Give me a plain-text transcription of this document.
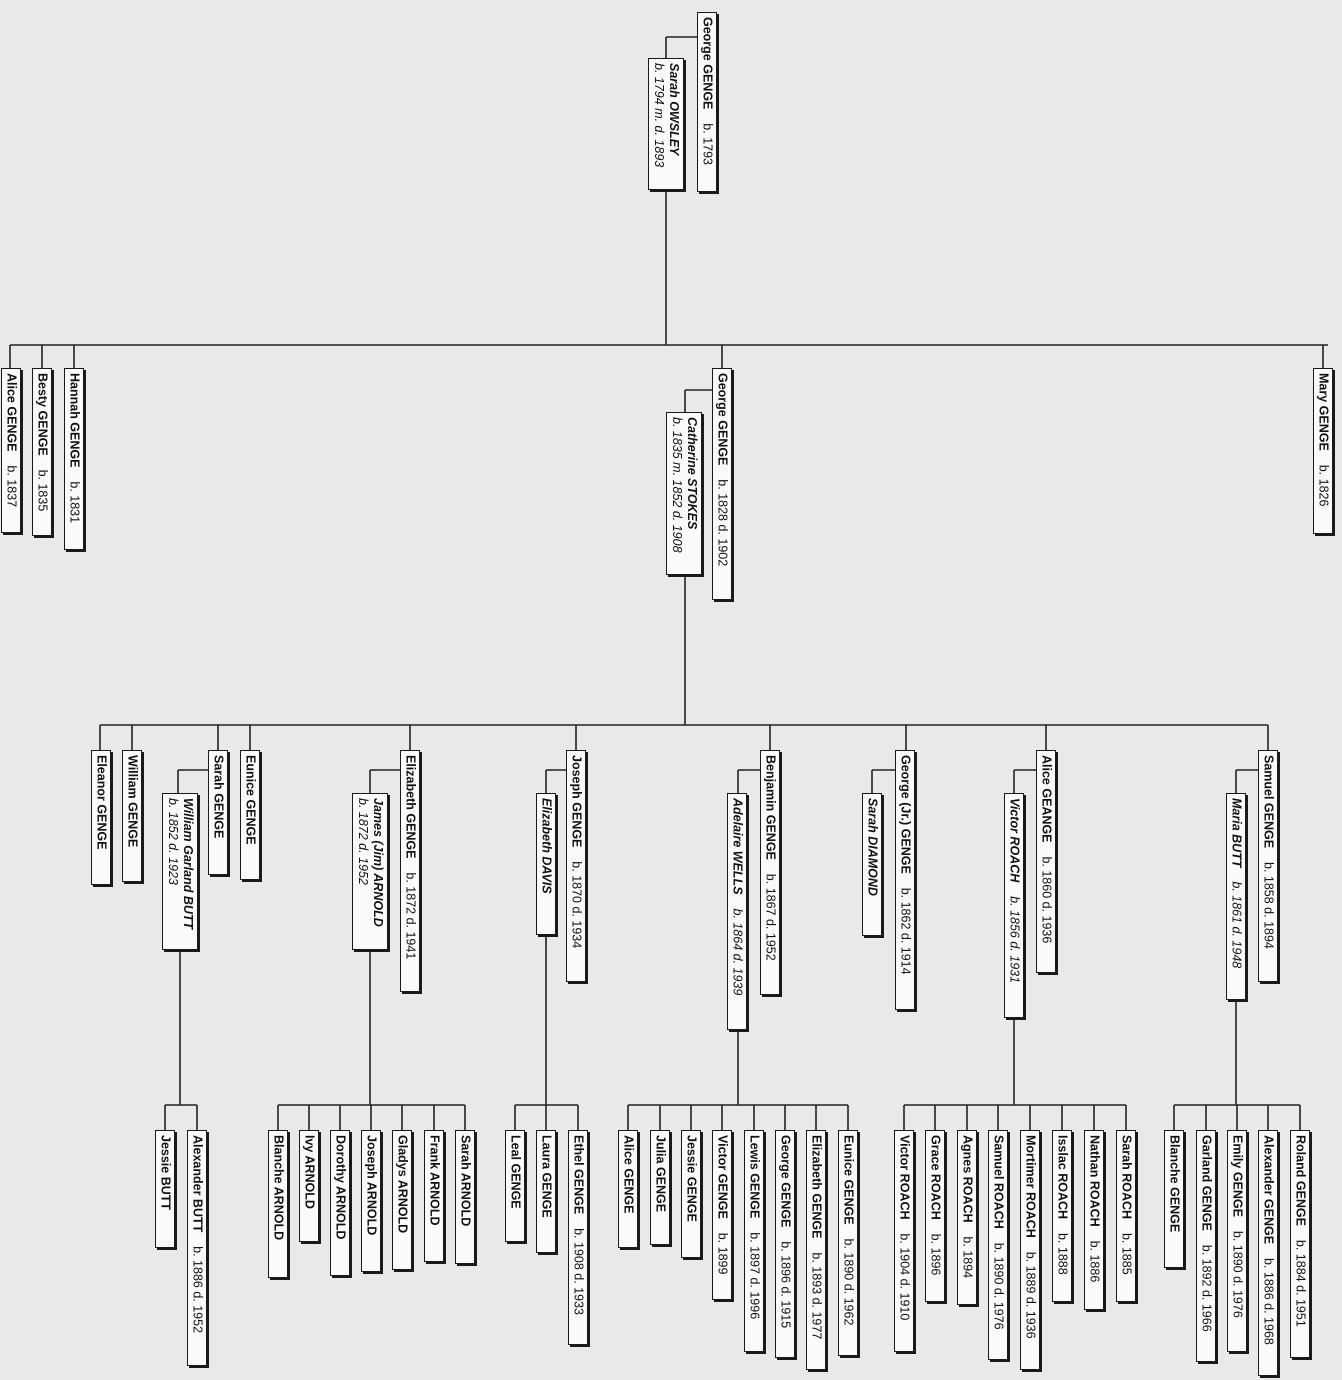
George GENGE    b. 1793
Sarah OWSLEY
b. 1794 m. d. 1893
Alice GENGE    b. 1837
Besty GENGE    b. 1835
Hannah GENGE    b. 1831
George GENGE    b. 1828 d. 1902
Catherine STOKES
b. 1835 m. 1852 d. 1908
Mary GENGE    b. 1826
Eleanor GENGE William GENGE	Sarah GENGE
William Garland BUTT
b. 1852 d. 1923	Eunice GENGE	Elizabeth GENGE    b. 1872 d. 1941
James (Jim) ARNOLD
b. 1872 d. 1952	Joseph GENGE    b. 1870 d. 1934
Elizabeth DAVIS	Benjamin GENGE    b. 1867 d. 1952
Adelaire WELLS    b. 1864 d. 1939
George (Jr.) GENGE    b. 1862 d. 1914
Sarah DIAMOND	Alice GEANGE    b. 1860 d. 1936
Victor ROACH    b. 1856 d. 1931
Samuel GENGE    b. 1858 d. 1894
Maria BUTT    b. 1861 d. 1948
Jessie BUTT Alexander BUTT    b. 1886 d. 1952
Blanche ARNOLD Ivy ARNOLD Dorothy ARNOLD Joseph ARNOLD Gladys ARNOLD Frank ARNOLD Sarah ARNOLD	Leal GENGE Laura GENGE Ethel GENGE    b. 1908 d. 1933
Alice GENGE Julia GENGE Jessie GENGE Victor GENGE    b. 1899
Lewis GENGE    b. 1897 d. 1996
George GENGE    b. 1896 d. 1915
Elizabeth GENGE    b. 1893 d. 1977
Eunice GENGE    b. 1890 d. 1962
Victor ROACH    b. 1904 d. 1910
Grace ROACH    b. 1896
Agnes ROACH    b. 1894
Samuel ROACH    b. 1890 d. 1976
Mortimer ROACH    b. 1889 d. 1936
Isslac ROACH    b. 1888
Nathan ROACH    b. 1886
Sarah ROACH    b. 1885
Blanche GENGE Garland GENGE    b. 1892 d. 1966
Emily GENGE    b. 1890 d. 1976
Alexander GENGE    b. 1886 d. 1968
Roland GENGE    b. 1884 d. 1951
